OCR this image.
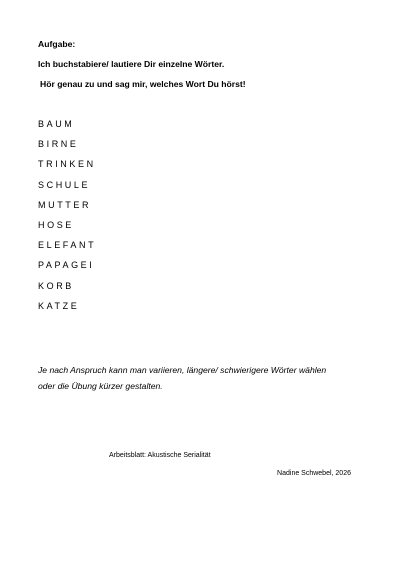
Aufgabe:
Ich buchstabiere/ lautiere Dir einzelne Wörter.
Hör genau zu und sag mir, welches Wort Du hörst!
BAUM
BIRNE
TRINKEN
SCHULE
MUTTER
HOSE
ELEFANT
PAPAGEI
KORB
KATZE
Je nach Anspruch kann man variieren, längere/ schwierigere Wörter wählen
oder die Übung kürzer gestalten.
Arbeitsblatt: Akustische Serialität
Nadine Schwebel, 2026
